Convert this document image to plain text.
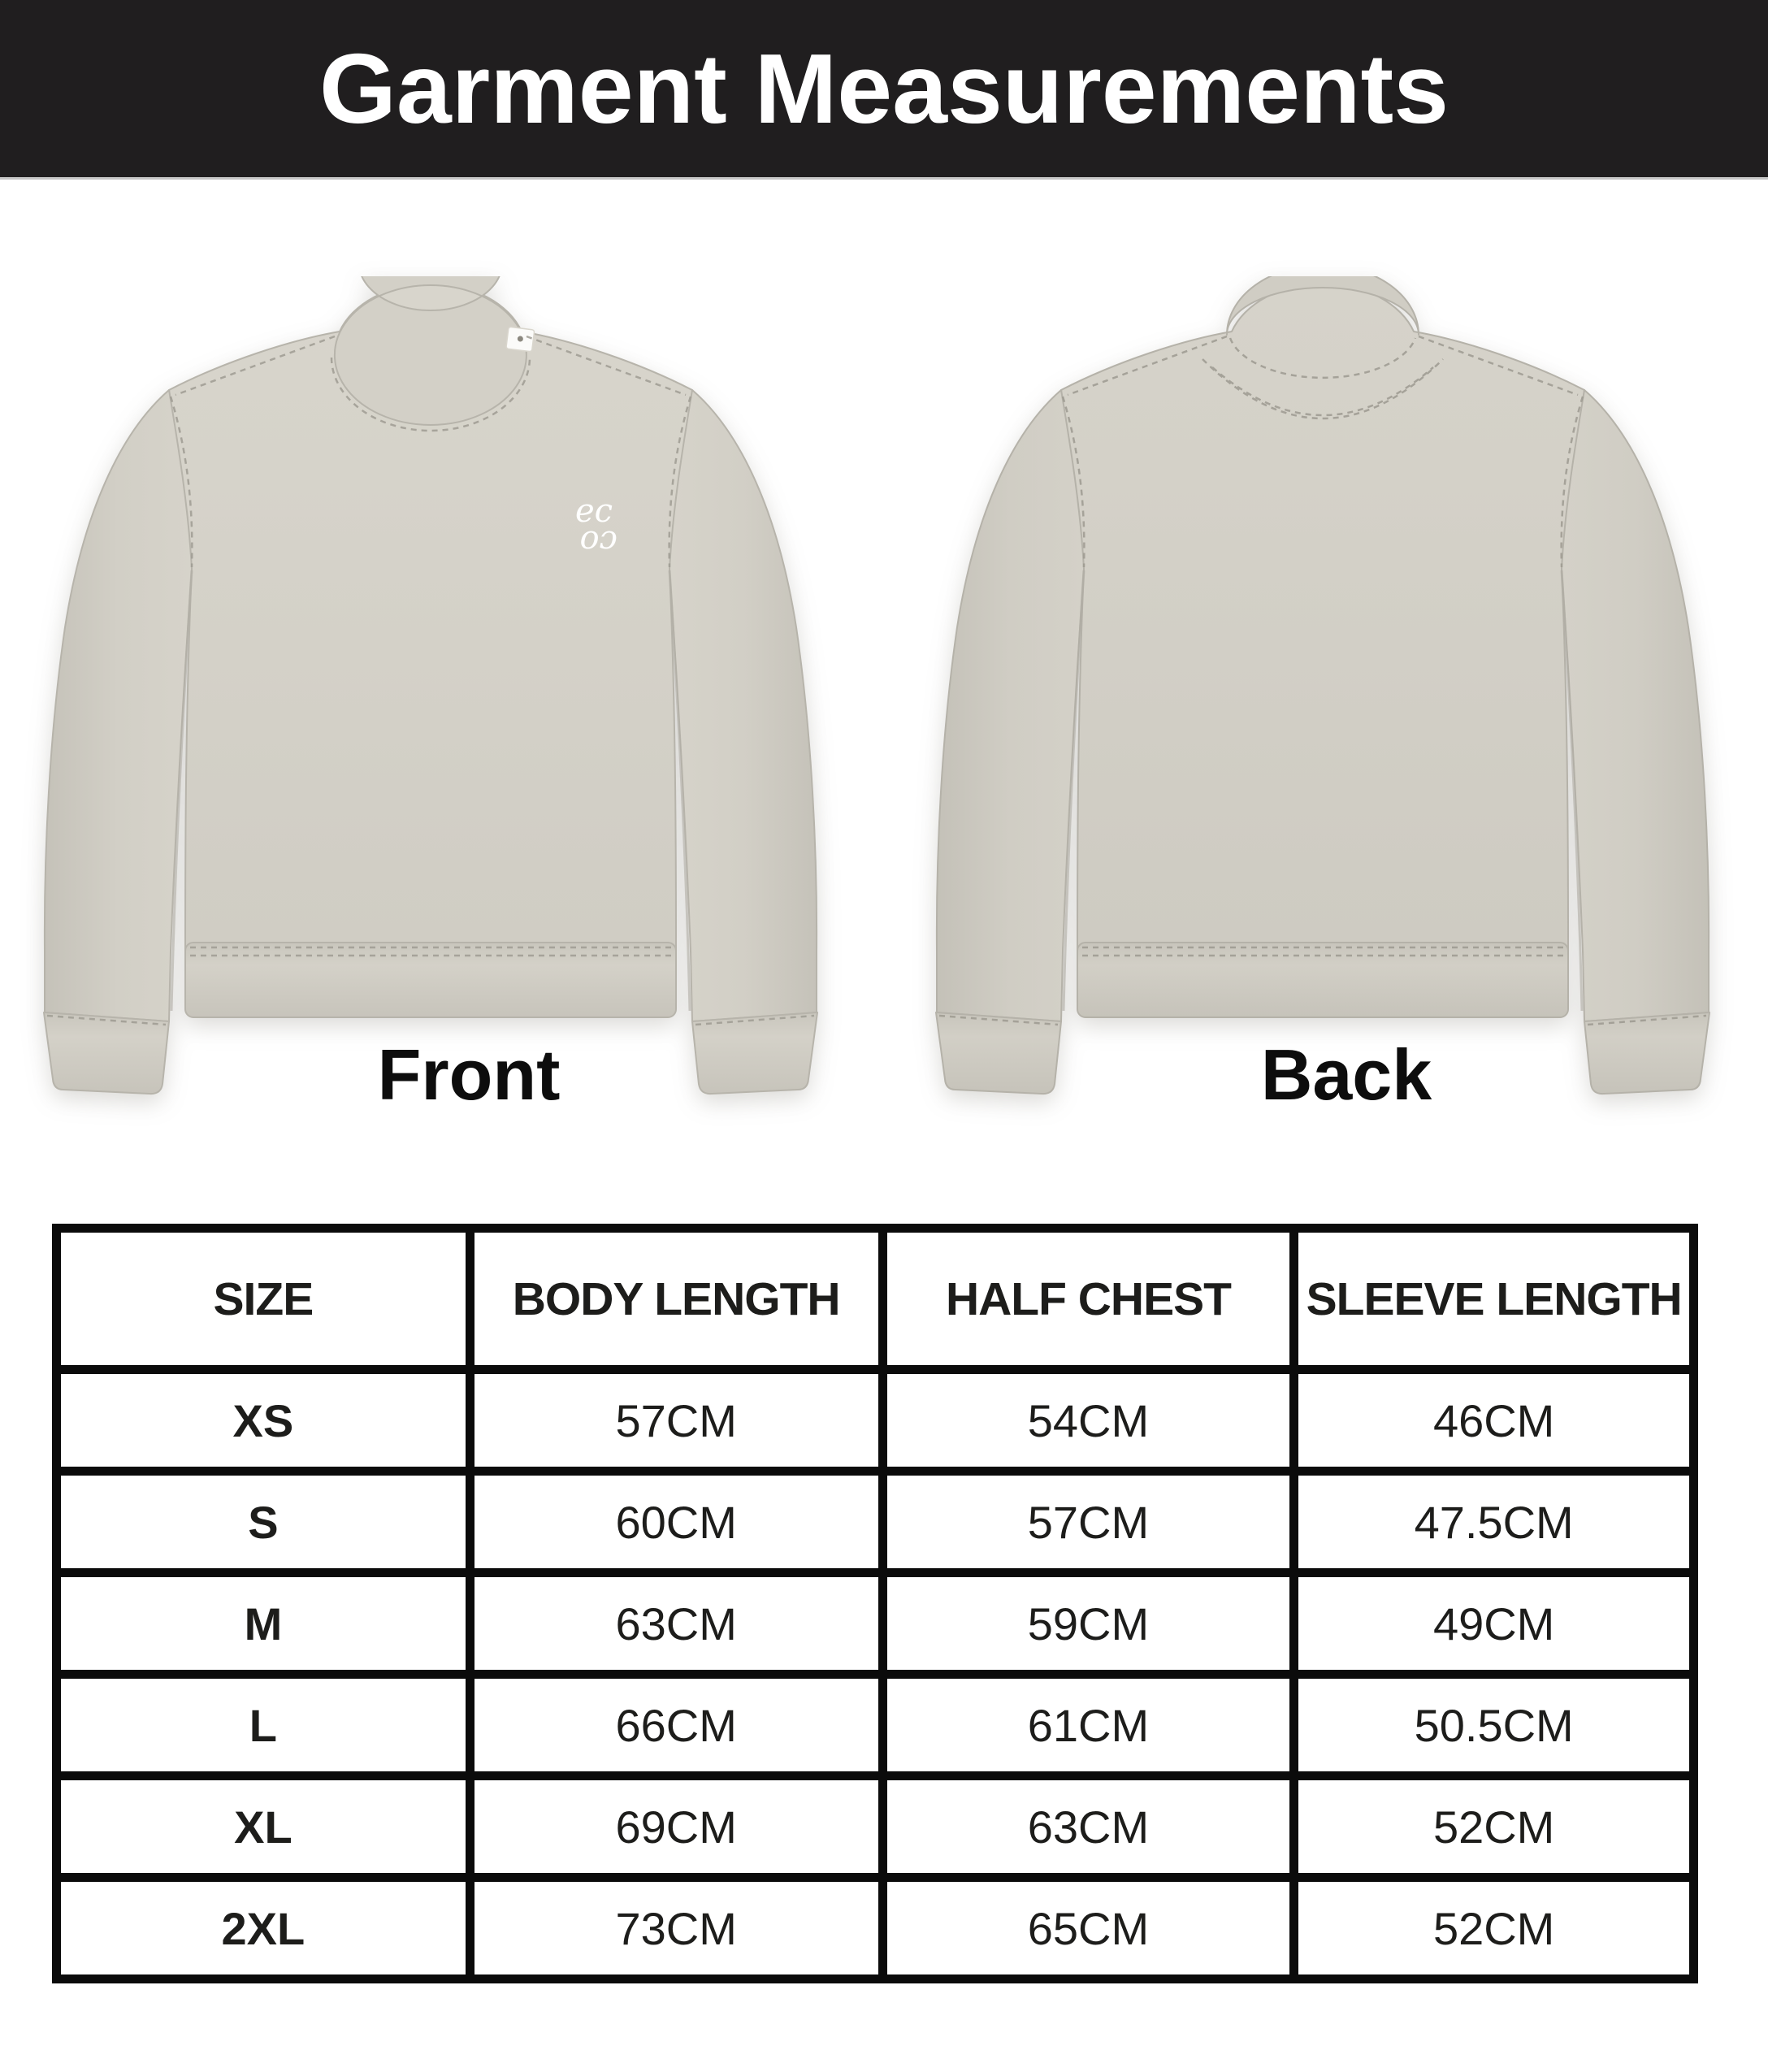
Garment Measurements
ec
co
Front	Back
SIZE	BODY LENGTH	HALF CHEST	SLEEVE LENGTH
XS	57CM	54CM	46CM
S	60CM	57CM	47.5CM
M	63CM	59CM	49CM
L	66CM	61CM	50.5CM
XL	69CM	63CM	52CM
2XL	73CM	65CM	52CM
